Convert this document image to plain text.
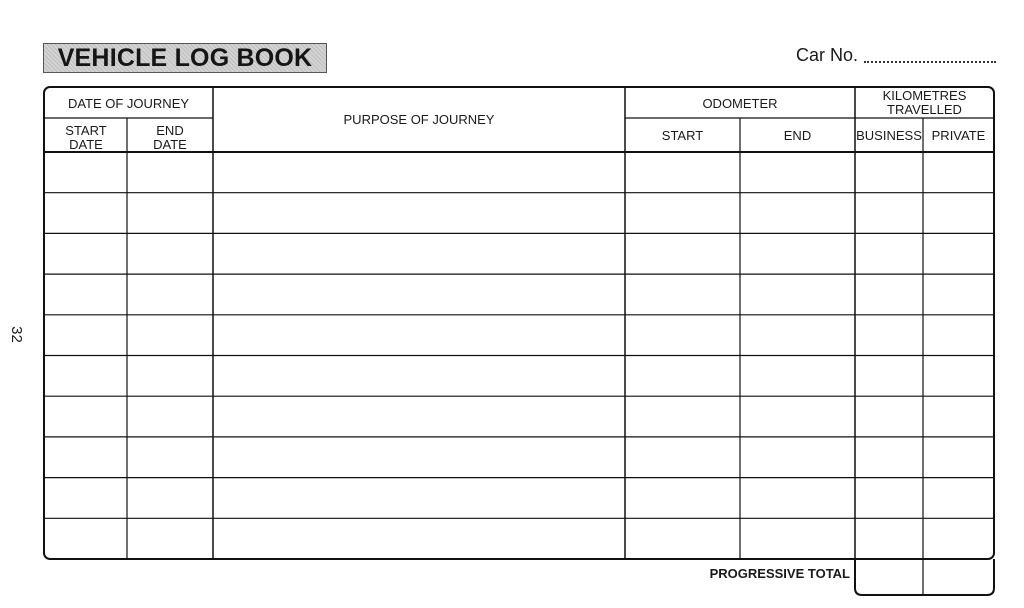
VEHICLE LOG BOOK	Car No.
32
DATE OF JOURNEY
START DATE
END DATE
PURPOSE OF JOURNEY
ODOMETER
START	END
KILOMETRES TRAVELLED
BUSINESS PRIVATE
PROGRESSIVE TOTAL
